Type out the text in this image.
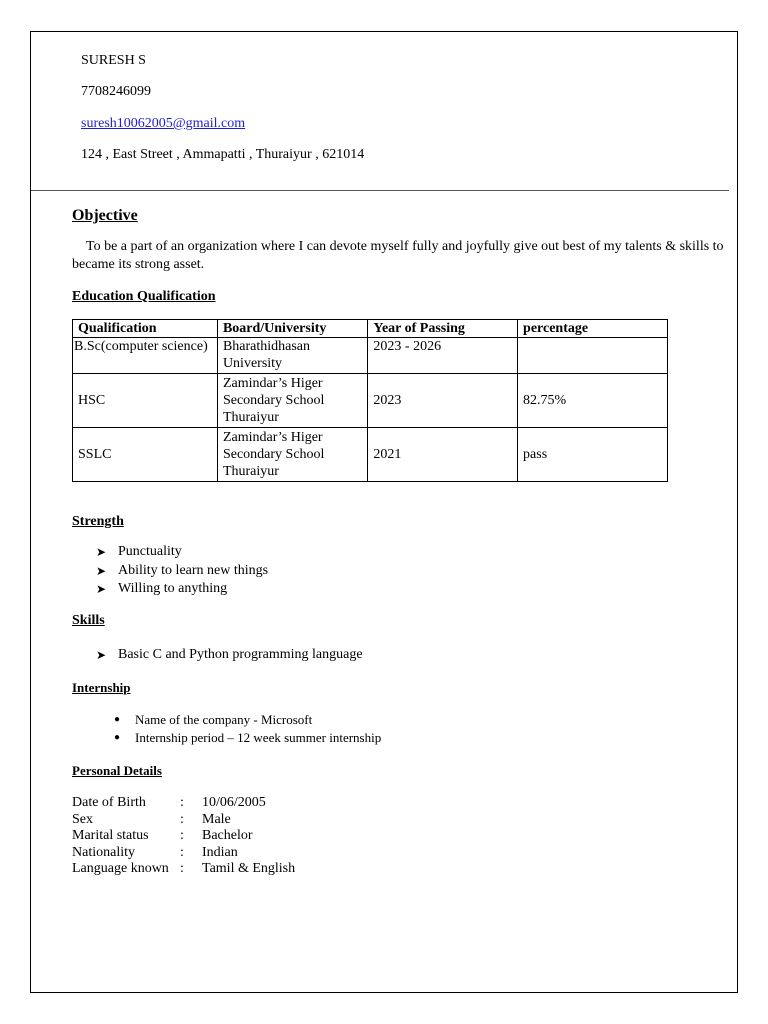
SURESH S
7708246099
suresh10062005@gmail.com
124 , East Street , Ammapatti , Thuraiyur , 621014
Objective
To be a part of an organization where I can devote myself fully and joyfully give out best of my talents & skills to became its strong asset.
Education Qualification
Qualification	Board/University	Year of Passing	percentage
B.Sc(computer science)	Bharathidhasan
University	2023 - 2026	
HSC	Zamindar’s Higer
Secondary School
Thuraiyur	2023	82.75%
SSLC	Zamindar’s Higer
Secondary School
Thuraiyur	2021	pass
Strength
➤ Punctuality
➤ Ability to learn new things
➤ Willing to anything
Skills
➤ Basic C and Python programming language
Internship
●	Name of the company - Microsoft
●	Internship period – 12 week summer internship
Personal Details
Date of Birth	:	10/06/2005
Sex	:	Male
Marital status	:	Bachelor
Nationality	:	Indian
Language known :	Tamil & English
